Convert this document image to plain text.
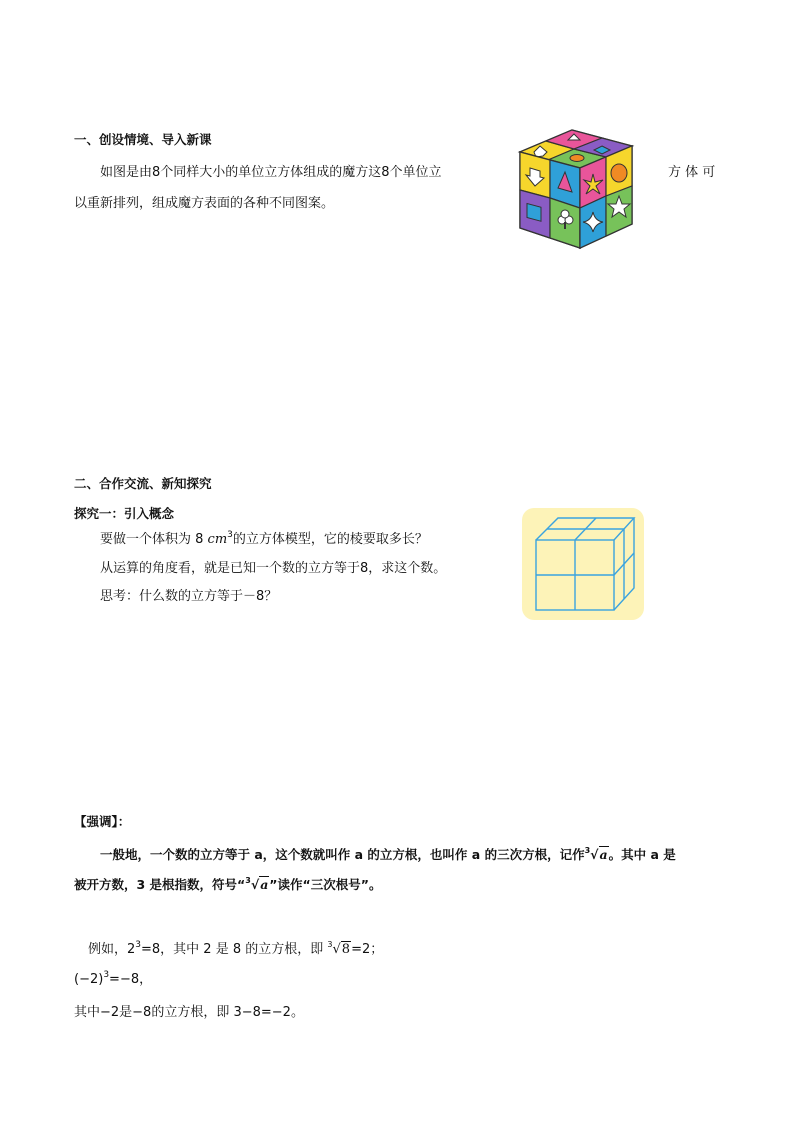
一、创设情境、导入新课
如图是由8个同样大小的单位立方体组成的魔方这8个单位立	方 体 可
以重新排列，组成魔方表面的各种不同图案。
二、合作交流、新知探究
探究一：引入概念
要做一个体积为 8 $cm^3$的立方体模型，它的棱要取多长？
从运算的角度看，就是已知一个数的立方等于8，求这个数。
思考：什么数的立方等于－8？
【强调】：
一般地，一个数的立方等于 a，这个数就叫作 a 的立方根，也叫作 a 的三次方根，记作$^3$√a。其中 a 是
被开方数，3 是根指数，符号“$^3$√a”读作“三次根号”。
例如，$2^3=8$，其中 2 是 8 的立方根，即 $^3$√8=2；
$(-2)^3=-8$，
其中−2是−8的立方根，即 3−8=−2。
